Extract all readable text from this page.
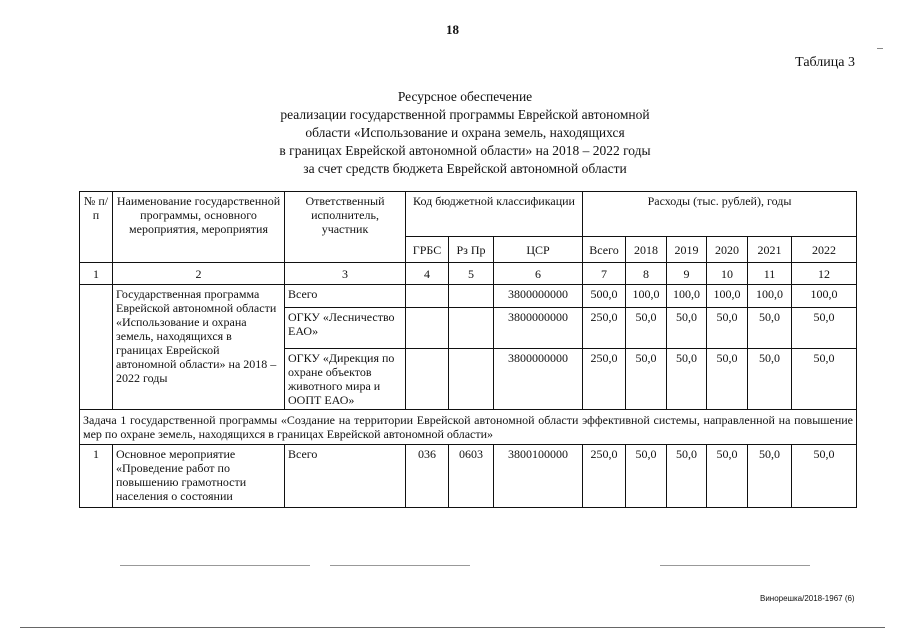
18
Таблица 3
Ресурсное обеспечение
реализации государственной программы Еврейской автономной
области «Использование и охрана земель, находящихся
в границах Еврейской автономной области» на 2018 – 2022 годы
за счет средств бюджета Еврейской автономной области
№ п/п	Наименование государственной программы, основного мероприятия, мероприятия	Ответственный исполнитель, участник	Код бюджетной классификации			Расходы (тыс. рублей), годы					
			ГРБС	Рз Пр	ЦСР	Всего	2018	2019	2020	2021	2022
1	2	3	4	5	6	7	8	9	10	11	12
	Государственная программа Еврейской автономной области «Использование и охрана земель, находящихся в границах Еврейской автономной области» на 2018 – 2022 годы	Всего			3800000000	500,0	100,0	100,0	100,0	100,0	100,0
		ОГКУ «Лесничество ЕАО»			3800000000	250,0	50,0	50,0	50,0	50,0	50,0
		ОГКУ «Дирекция по охране объектов животного мира и ООПТ ЕАО»			3800000000	250,0	50,0	50,0	50,0	50,0	50,0
Задача 1 государственной программы «Создание на территории Еврейской автономной области эффективной системы, направленной на повышение мер по охране земель, находящихся в границах Еврейской автономной области»											
1	Основное мероприятие «Проведение работ по повышению грамотности населения о состоянии	Всего	036	0603	3800100000	250,0	50,0	50,0	50,0	50,0	50,0
Винорешка/2018-1967 (6)
